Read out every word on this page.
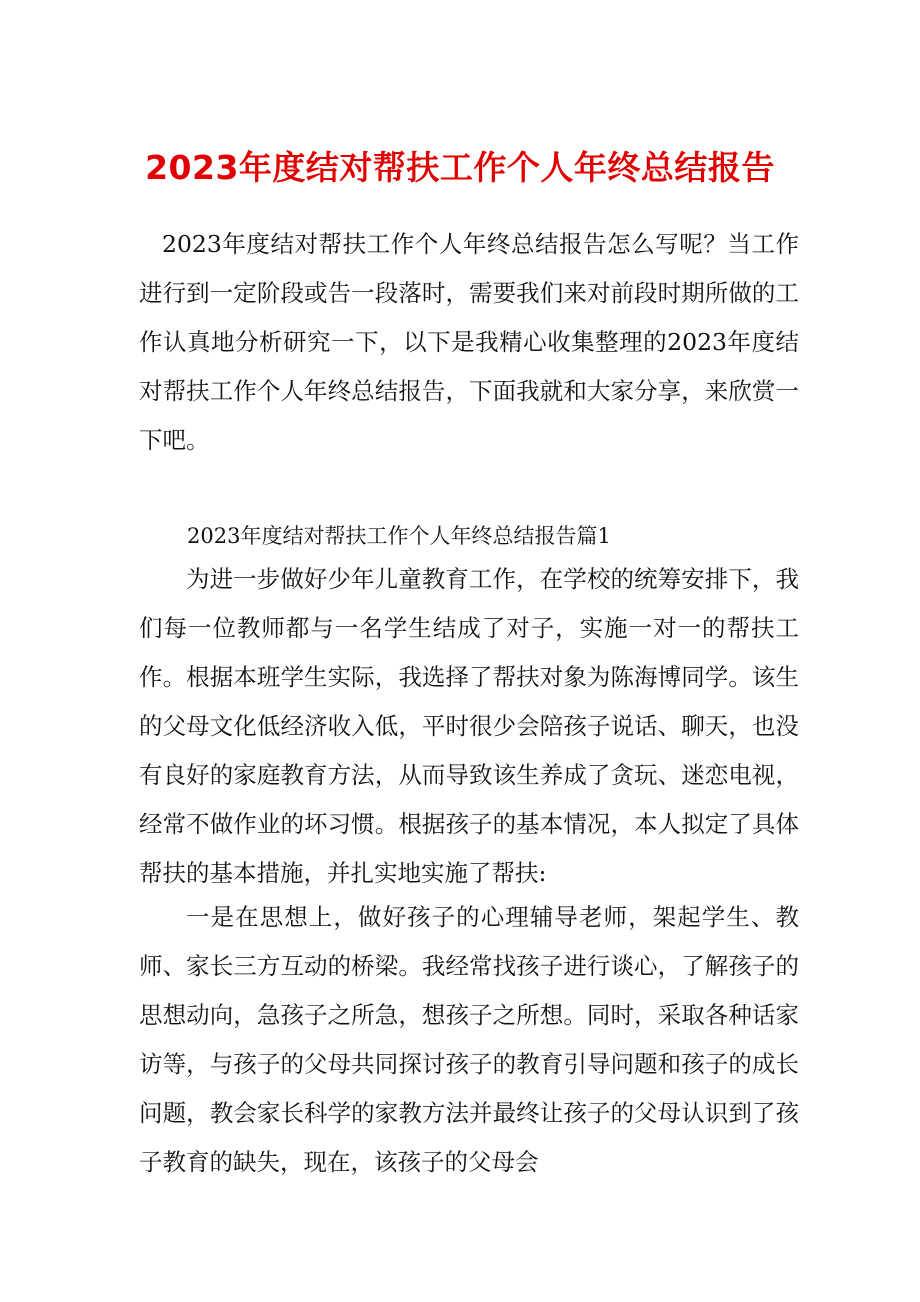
2023年度结对帮扶工作个人年终总结报告
2023年度结对帮扶工作个人年终总结报告怎么写呢？当工作进行到一定阶段或告一段落时，需要我们来对前段时期所做的工作认真地分析研究一下，以下是我精心收集整理的2023年度结对帮扶工作个人年终总结报告，下面我就和大家分享，来欣赏一下吧。
2023年度结对帮扶工作个人年终总结报告篇1
为进一步做好少年儿童教育工作，在学校的统筹安排下，我们每一位教师都与一名学生结成了对子，实施一对一的帮扶工作。根据本班学生实际，我选择了帮扶对象为陈海博同学。该生的父母文化低经济收入低，平时很少会陪孩子说话、聊天，也没有良好的家庭教育方法，从而导致该生养成了贪玩、迷恋电视，经常不做作业的坏习惯。根据孩子的基本情况，本人拟定了具体帮扶的基本措施，并扎实地实施了帮扶:
一是在思想上，做好孩子的心理辅导老师，架起学生、教师、家长三方互动的桥梁。我经常找孩子进行谈心，了解孩子的思想动向，急孩子之所急，想孩子之所想。同时，采取各种话家访等，与孩子的父母共同探讨孩子的教育引导问题和孩子的成长问题，教会家长科学的家教方法并最终让孩子的父母认识到了孩子教育的缺失，现在，该孩子的父母会
